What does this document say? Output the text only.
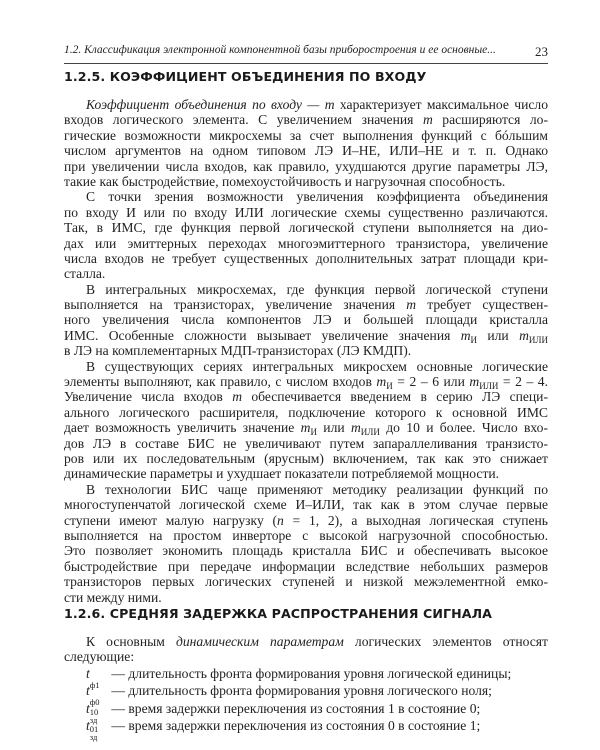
1.2. Классификация электронной компонентной базы приборостроения и ее основные...	23
1.2.5. КОЭФФИЦИЕНТ ОБЪЕДИНЕНИЯ ПО ВХОДУ
Коэффициент объединения по входу — m характеризует максимальное число
входов логического элемента. С увеличением значения m расширяются ло-
гические возможности микросхемы за счет выполнения функций с бóльшим
числом аргументов на одном типовом ЛЭ И–НЕ, ИЛИ–НЕ и т. п. Однако
при увеличении числа входов, как правило, ухудшаются другие параметры ЛЭ,
такие как быстродействие, помехоустойчивость и нагрузочная способность.
С точки зрения возможности увеличения коэффициента объединения
по входу И или по входу ИЛИ логические схемы существенно различаются.
Так, в ИМС, где функция первой логической ступени выполняется на дио-
дах или эмиттерных переходах многоэмиттерного транзистора, увеличение
числа входов не требует существенных дополнительных затрат площади кри-
сталла.
В интегральных микросхемах, где функция первой логической ступени
выполняется на транзисторах, увеличение значения m требует существен-
ного увеличения числа компонентов ЛЭ и большей площади кристалла
ИМС. Особенные сложности вызывает увеличение значения $m_И$ или $m_{ИЛИ}$
в ЛЭ на комплементарных МДП-транзисторах (ЛЭ КМДП).
В существующих сериях интегральных микросхем основные логические
элементы выполняют, как правило, с числом входов $m_И = 2 - 6$ или $m_{ИЛИ} = 2 - 4$.
Увеличение числа входов m обеспечивается введением в серию ЛЭ специ-
ального логического расширителя, подключение которого к основной ИМС
дает возможность увеличить значение $m_И$ или $m_{ИЛИ}$ до 10 и более. Число вхо-
дов ЛЭ в составе БИС не увеличивают путем запараллеливания транзисто-
ров или их последовательным (ярусным) включением, так как это снижает
динамические параметры и ухудшает показатели потребляемой мощности.
В технологии БИС чаще применяют методику реализации функций по
многоступенчатой логической схеме И–ИЛИ, так как в этом случае первые
ступени имеют малую нагрузку (n = 1, 2), а выходная логическая ступень
выполняется на простом инверторе с высокой нагрузочной способностью.
Это позволяет экономить площадь кристалла БИС и обеспечивать высокое
быстродействие при передаче информации вследствие небольших размеров
транзисторов первых логических ступеней и низкой межэлементной емко-
сти между ними.
1.2.6. СРЕДНЯЯ ЗАДЕРЖКА РАСПРОСТРАНЕНИЯ СИГНАЛА
К основным динамическим параметрам логических элементов относят
следующие:
t

ф1
— длительность фронта формирования уровня логической единицы;
t

ф0
— длительность фронта формирования уровня логического ноля;
t 10
зд
— время задержки переключения из состояния 1 в состояние 0;
t 01
зд
— время задержки переключения из состояния 0 в состояние 1;
